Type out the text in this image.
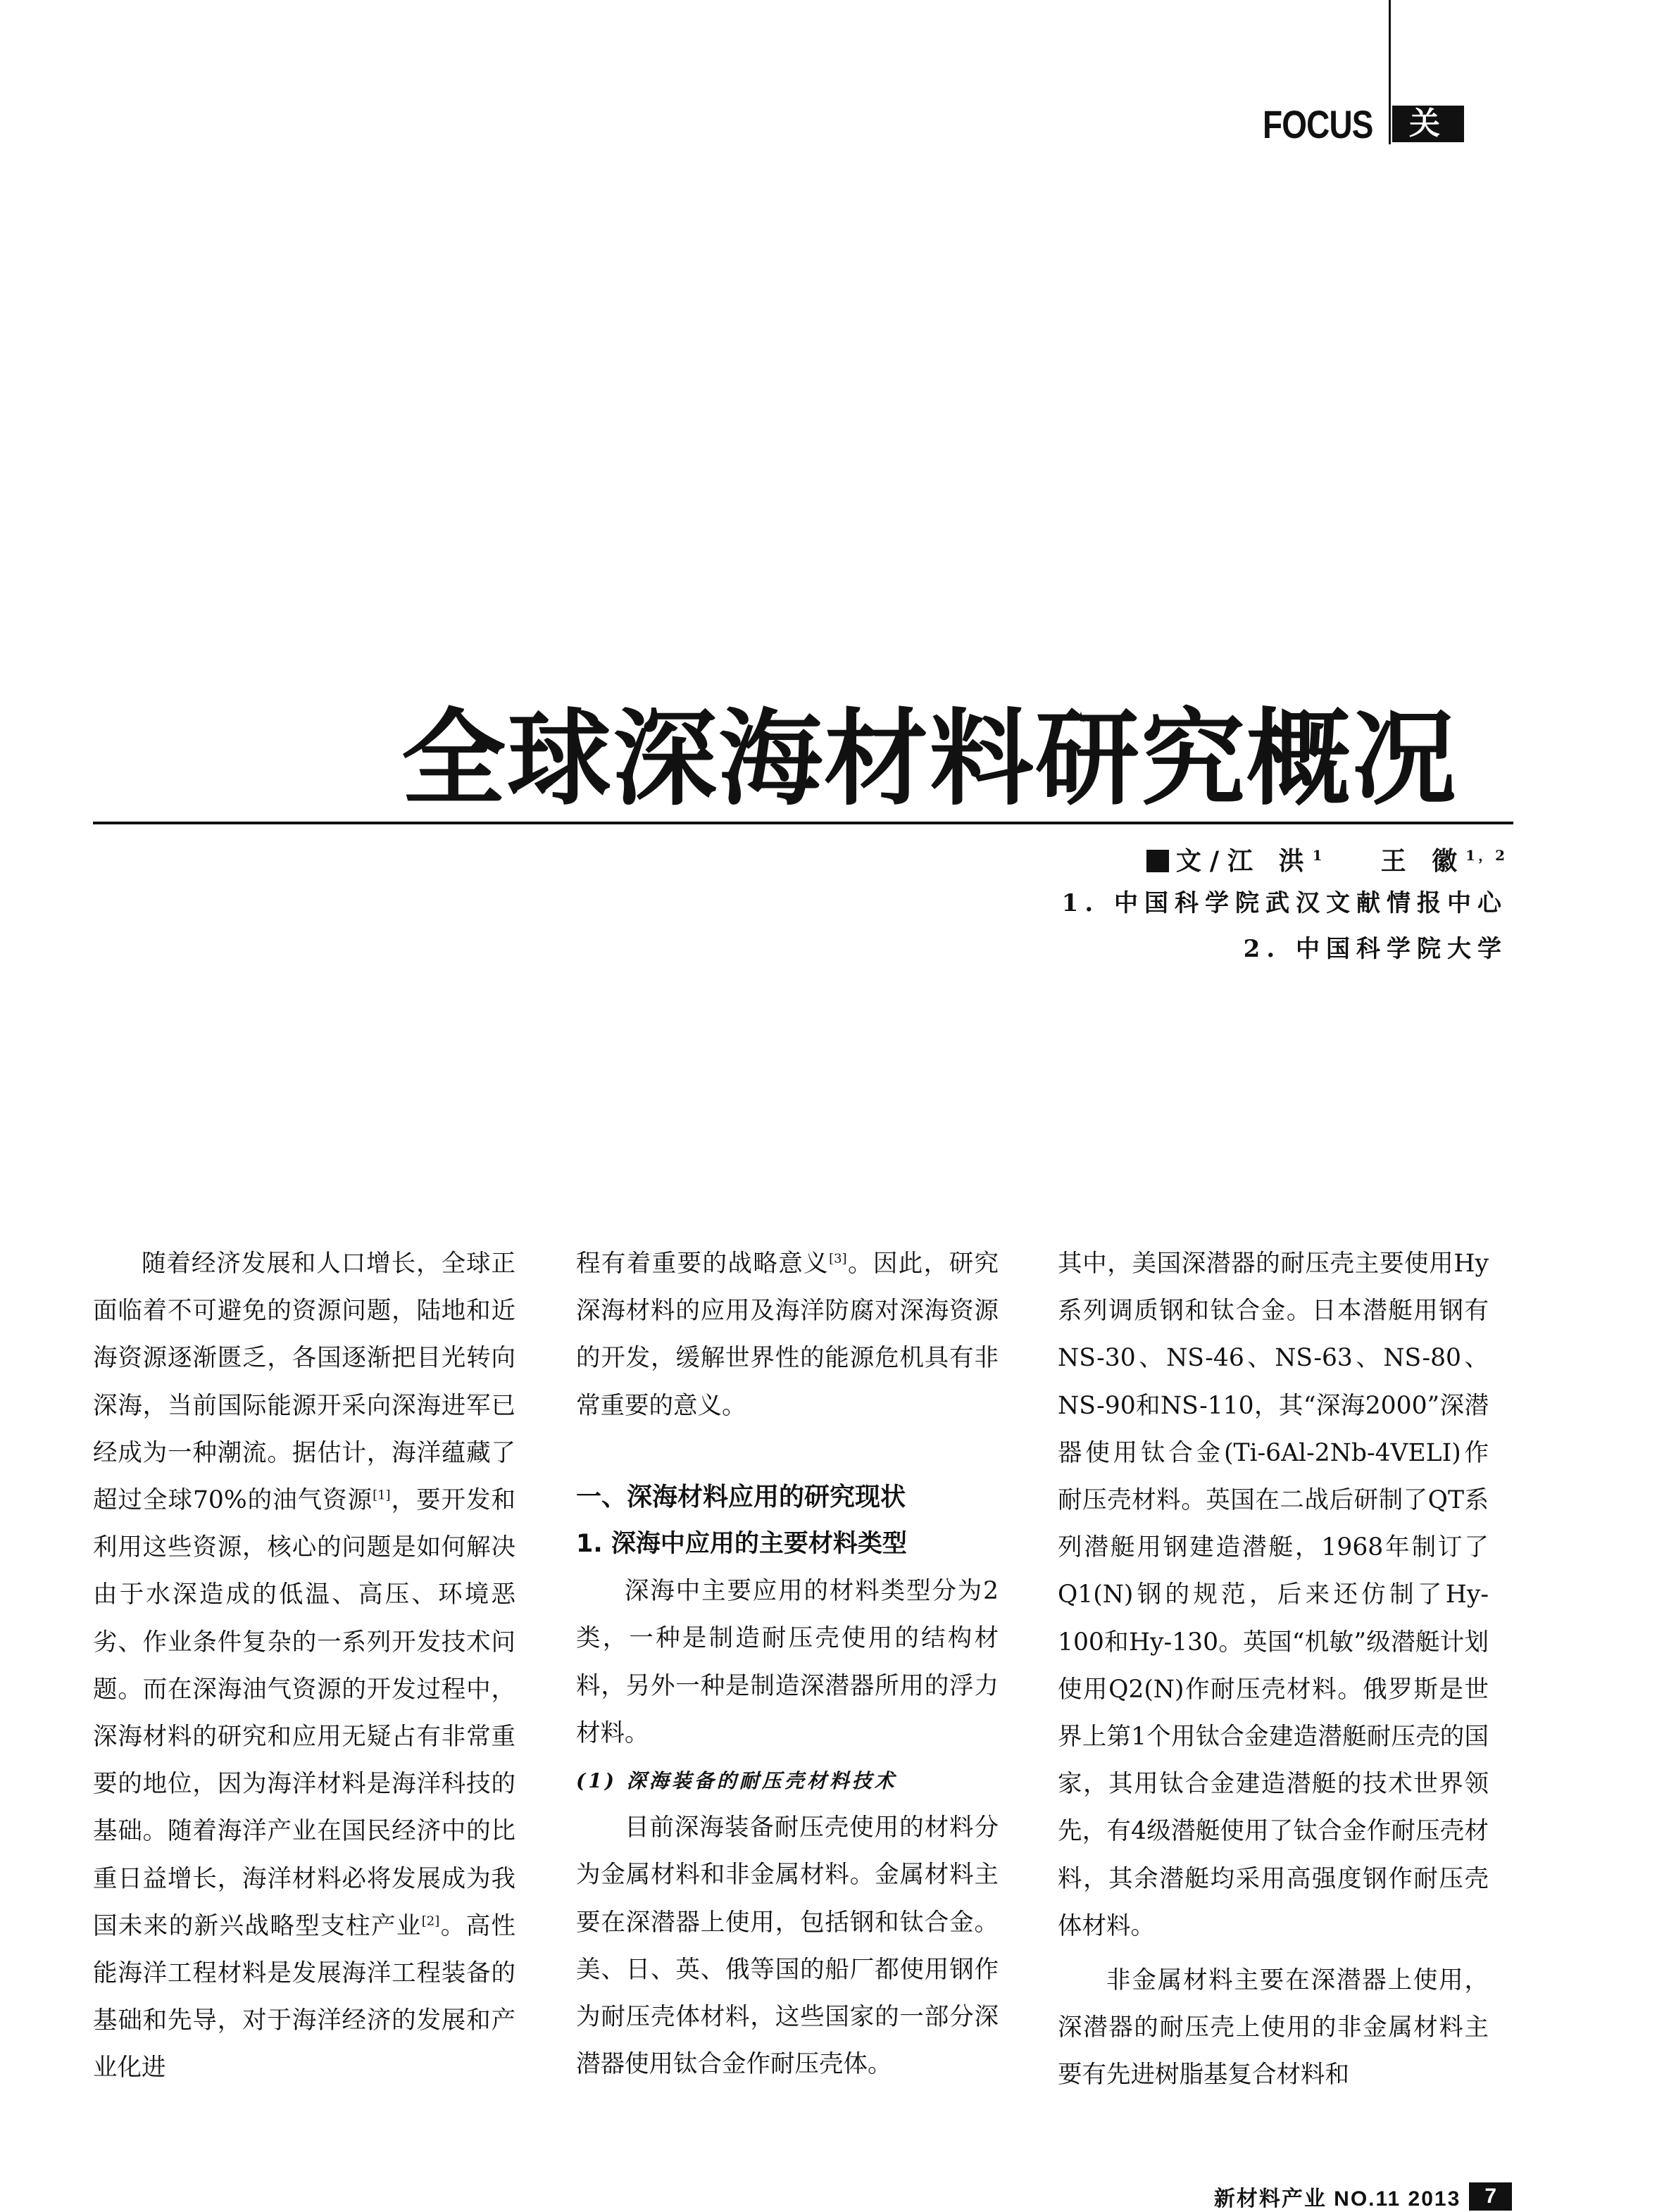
FOCUS	关注
全球深海材料研究概况
文/江 洪$^1$ 王 徽$^{1,2}$
1. 中国科学院武汉文献情报中心
2. 中国科学院大学

随着经济发展和人口增长，全球正面临着不可避免的资源问题，陆地和近海资源逐渐匮乏，各国逐渐把目光转向深海，当前国际能源开采向深海进军已经成为一种潮流。据估计，海洋蕴藏了超过全球70%的油气资源[1]，要开发和利用这些资源，核心的问题是如何解决由于水深造成的低温、高压、环境恶劣、作业条件复杂的一系列开发技术问题。而在深海油气资源的开发过程中，深海材料的研究和应用无疑占有非常重要的地位，因为海洋材料是海洋科技的基础。随着海洋产业在国民经济中的比重日益增长，海洋材料必将发展成为我国未来的新兴战略型支柱产业[2]。高性能海洋工程材料是发展海洋工程装备的基础和先导，对于海洋经济的发展和产业化进

程有着重要的战略意义[3]。因此，研究深海材料的应用及海洋防腐对深海资源的开发，缓解世界性的能源危机具有非常重要的意义。

一、深海材料应用的研究现状

1. 深海中应用的主要材料类型

深海中主要应用的材料类型分为2类，一种是制造耐压壳使用的结构材料，另外一种是制造深潜器所用的浮力材料。

(1) 深海装备的耐压壳材料技术

目前深海装备耐压壳使用的材料分为金属材料和非金属材料。金属材料主要在深潜器上使用，包括钢和钛合金。美、日、英、俄等国的船厂都使用钢作为耐压壳体材料，这些国家的一部分深潜器使用钛合金作耐压壳体。

其中，美国深潜器的耐压壳主要使用Hy系列调质钢和钛合金。日本潜艇用钢有NS-30、NS-46、NS-63、NS-80、NS-90和NS-110，其“深海2000”深潜器使用钛合金(Ti-6Al-2Nb-4VELI)作耐压壳材料。英国在二战后研制了QT系列潜艇用钢建造潜艇，1968年制订了Q1(N)钢的规范，后来还仿制了Hy-100和Hy-130。英国“机敏”级潜艇计划使用Q2(N)作耐压壳材料。俄罗斯是世界上第1个用钛合金建造潜艇耐压壳的国家，其用钛合金建造潜艇的技术世界领先，有4级潜艇使用了钛合金作耐压壳材料，其余潜艇均采用高强度钢作耐压壳体材料。

非金属材料主要在深潜器上使用，深潜器的耐压壳上使用的非金属材料主要有先进树脂基复合材料和

新材料产业 NO.11 2013	7
